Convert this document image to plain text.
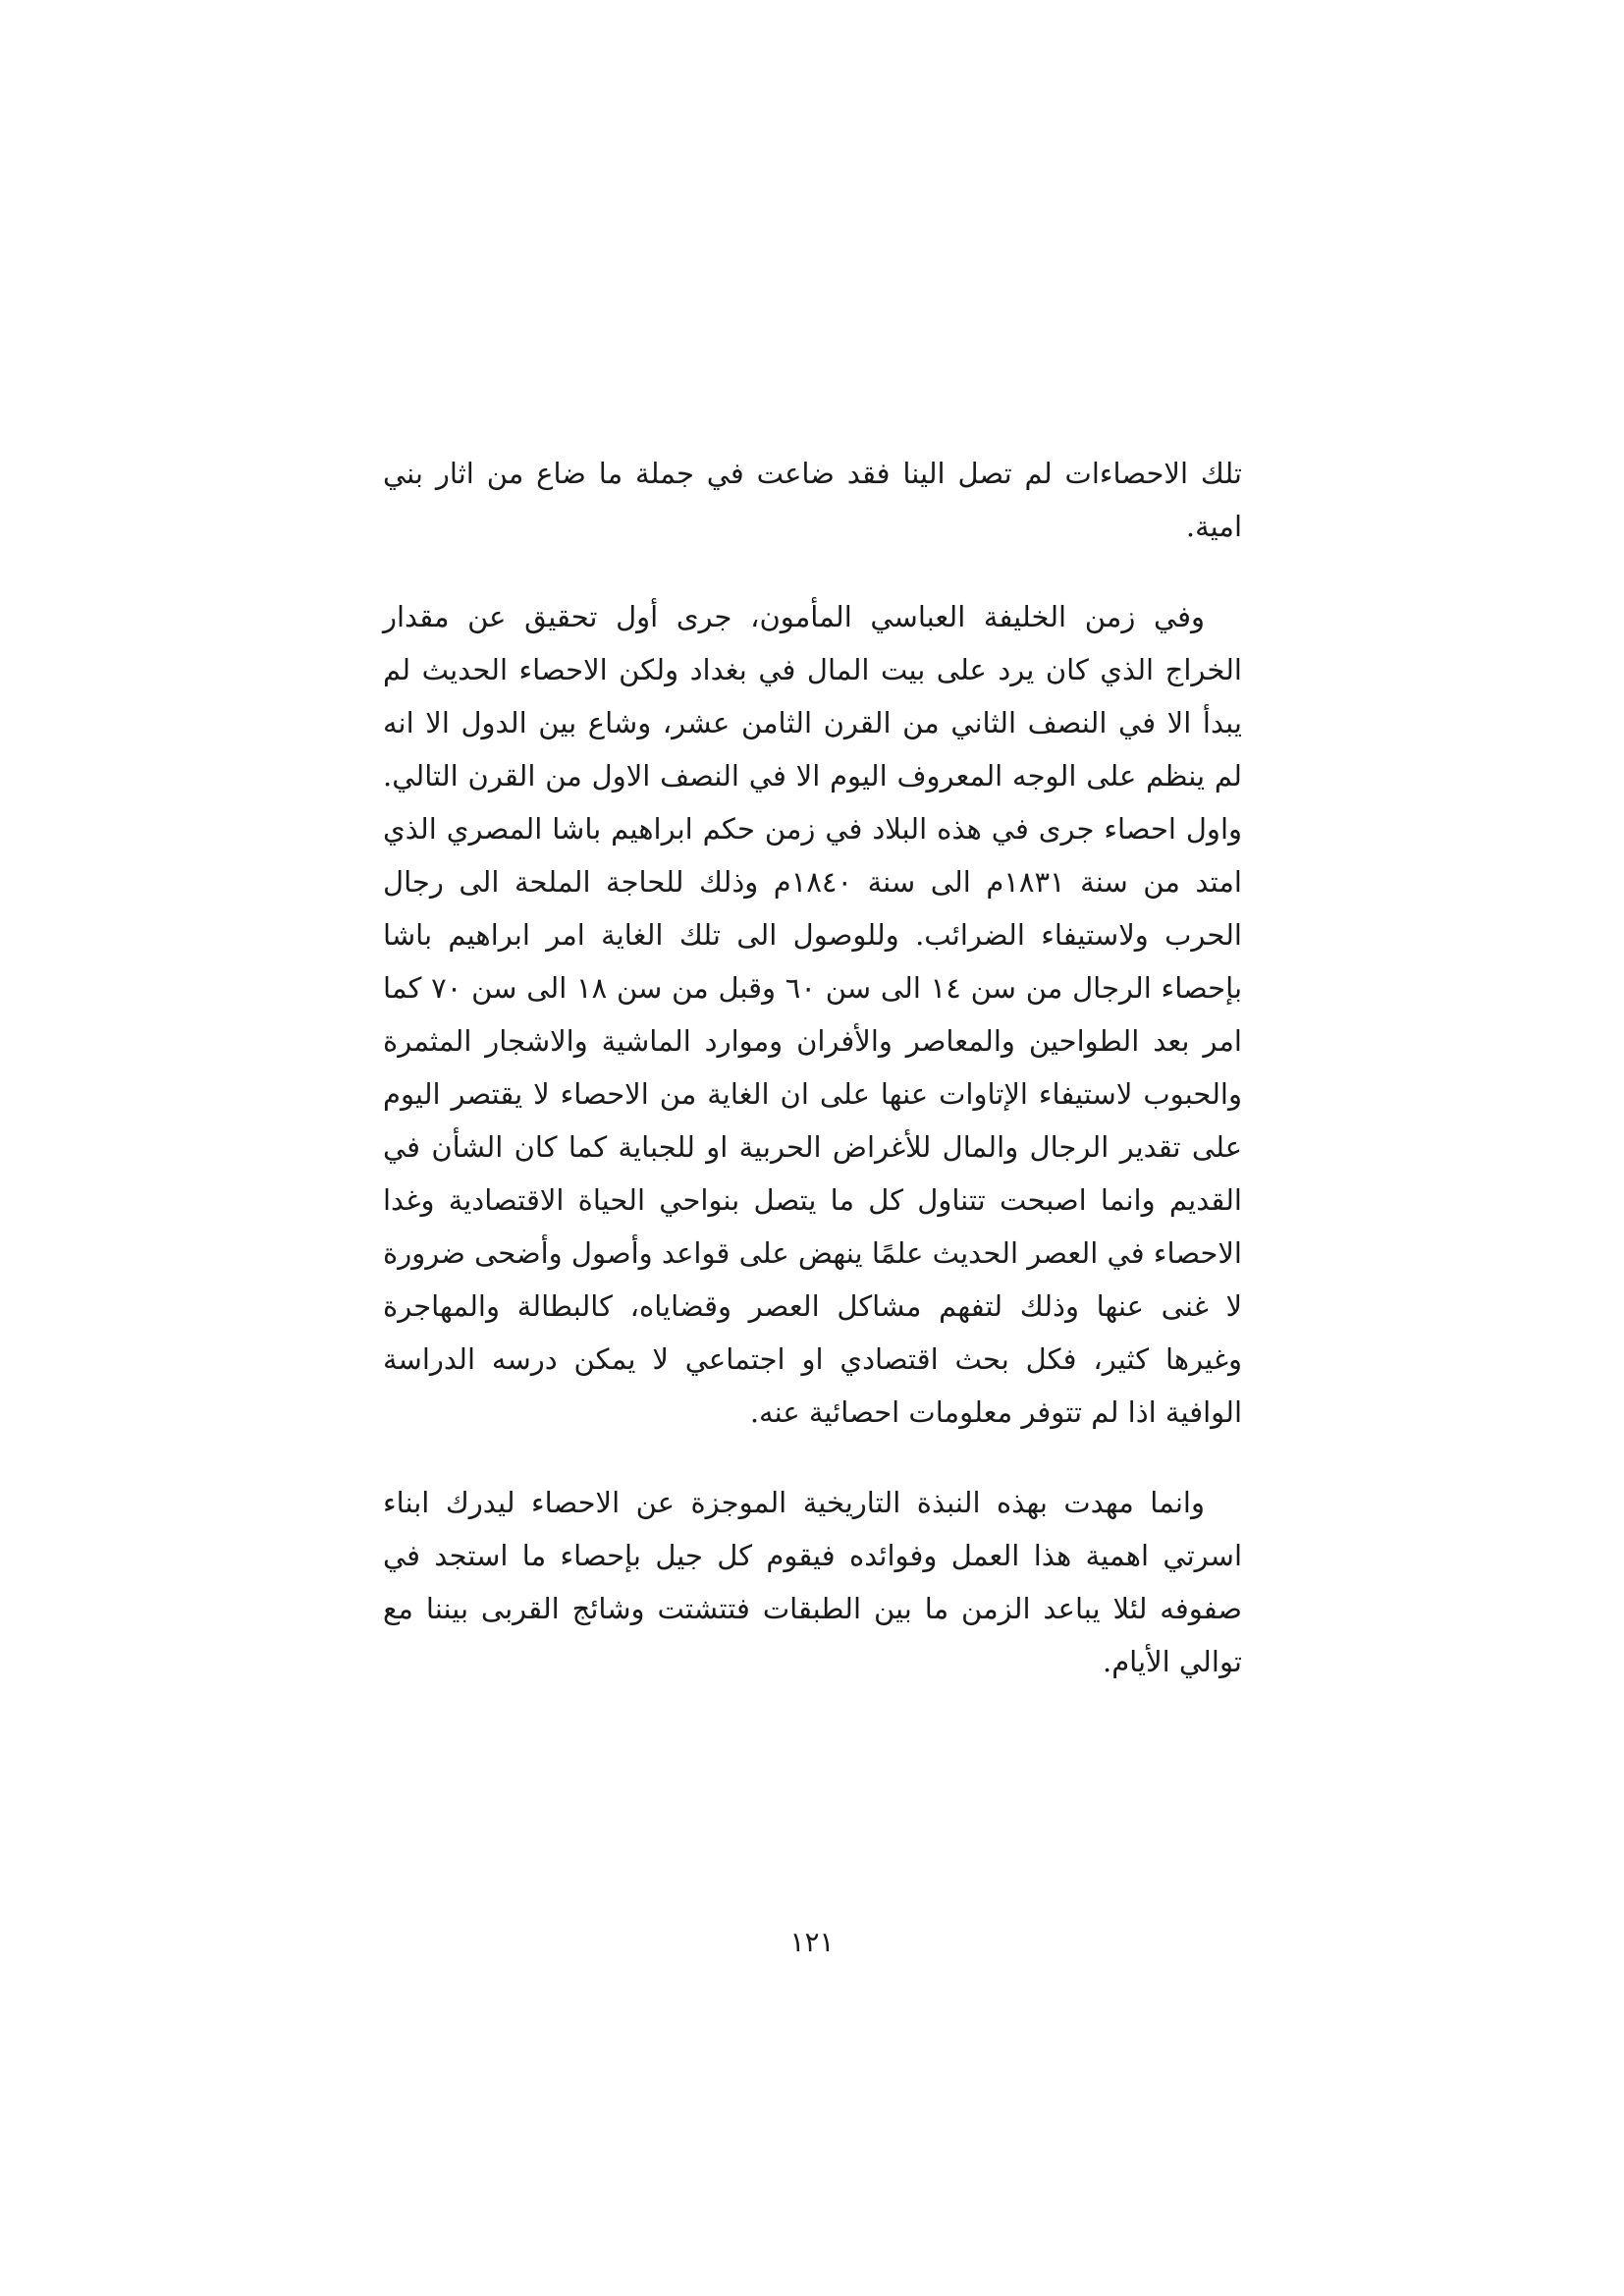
تلك الاحصاءات لم تصل الينا فقد ضاعت في جملة ما ضاع من اثار بني امية.

وفي زمن الخليفة العباسي المأمون، جرى أول تحقيق عن مقدار الخراج الذي كان يرد على بيت المال في بغداد ولكن الاحصاء الحديث لم يبدأ الا في النصف الثاني من القرن الثامن عشر، وشاع بين الدول الا انه لم ينظم على الوجه المعروف اليوم الا في النصف الاول من القرن التالي. واول احصاء جرى في هذه البلاد في زمن حكم ابراهيم باشا المصري الذي امتد من سنة ١٨٣١م الى سنة ١٨٤٠م وذلك للحاجة الملحة الى رجال الحرب ولاستيفاء الضرائب. وللوصول الى تلك الغاية امر ابراهيم باشا بإحصاء الرجال من سن ١٤ الى سن ٦٠ وقبل من سن ١٨ الى سن ٧٠ كما امر بعد الطواحين والمعاصر والأفران وموارد الماشية والاشجار المثمرة والحبوب لاستيفاء الإتاوات عنها على ان الغاية من الاحصاء لا يقتصر اليوم على تقدير الرجال والمال للأغراض الحربية او للجباية كما كان الشأن في القديم وانما اصبحت تتناول كل ما يتصل بنواحي الحياة الاقتصادية وغدا الاحصاء في العصر الحديث علمًا ينهض على قواعد وأصول وأضحى ضرورة لا غنى عنها وذلك لتفهم مشاكل العصر وقضاياه، كالبطالة والمهاجرة وغيرها كثير، فكل بحث اقتصادي او اجتماعي لا يمكن درسه الدراسة الوافية اذا لم تتوفر معلومات احصائية عنه.

وانما مهدت بهذه النبذة التاريخية الموجزة عن الاحصاء ليدرك ابناء اسرتي اهمية هذا العمل وفوائده فيقوم كل جيل بإحصاء ما استجد في صفوفه لئلا يباعد الزمن ما بين الطبقات فتتشتت وشائج القربى بيننا مع توالي الأيام.

١٢١
